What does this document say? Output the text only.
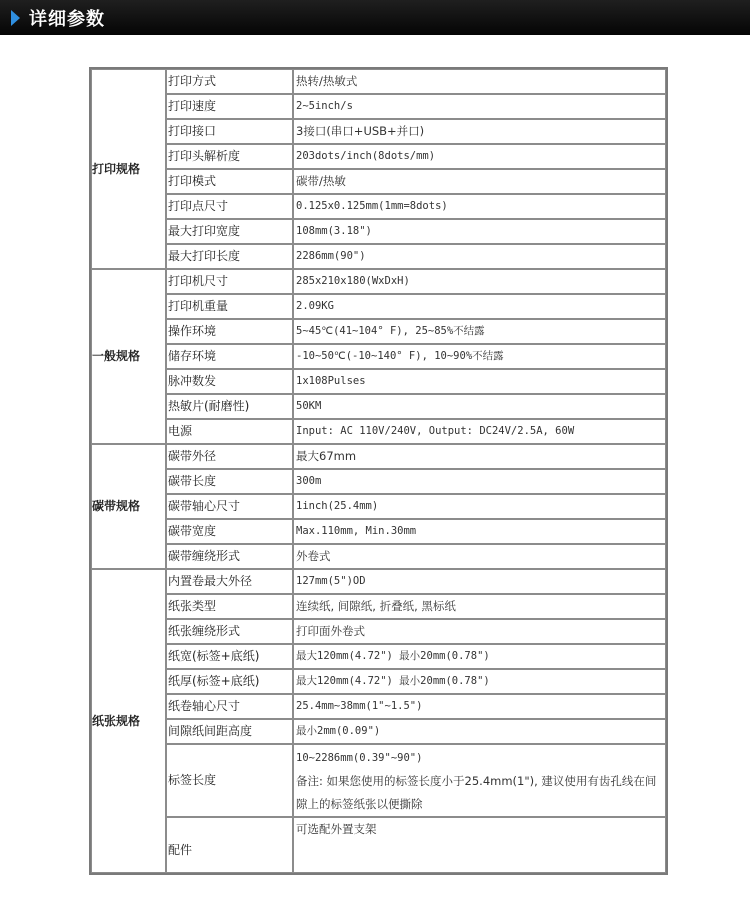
详细参数
打印规格	打印方式	热转/热敏式
	打印速度	2~5inch/s
	打印接口	3接口(串口+USB+并口)
	打印头解析度	203dots/inch(8dots/mm)
	打印模式	碳带/热敏
	打印点尺寸	0.125x0.125mm(1mm=8dots)
	最大打印宽度	108mm(3.18")
	最大打印长度	2286mm(90")
一般规格	打印机尺寸	285x210x180(WxDxH)
	打印机重量	2.09KG
	操作环境	5~45℃(41~104° F), 25~85%不结露
	储存环境	-10~50℃(-10~140° F), 10~90%不结露
	脉冲数发	1x108Pulses
	热敏片(耐磨性)	50KM
	电源	Input: AC 110V/240V, Output: DC24V/2.5A, 60W
碳带规格	碳带外径	最大67mm
	碳带长度	300m
	碳带轴心尺寸	1inch(25.4mm)
	碳带宽度	Max.110mm, Min.30mm
	碳带缠绕形式	外卷式
纸张规格	内置卷最大外径	127mm(5")OD
	纸张类型	连续纸, 间隙纸, 折叠纸, 黑标纸
	纸张缠绕形式	打印面外卷式
	纸宽(标签+底纸)	最大120mm(4.72") 最小20mm(0.78")
	纸厚(标签+底纸)	最大120mm(4.72") 最小20mm(0.78")
	纸卷轴心尺寸	25.4mm~38mm(1"~1.5")
	间隙纸间距高度	最小2mm(0.09")
	标签长度	10~2286mm(0.39"~90")
备注: 如果您使用的标签长度小于25.4mm(1"), 建议使用有齿孔线在间隙上的标签纸张以便撕除

	配件	可选配外置支架
